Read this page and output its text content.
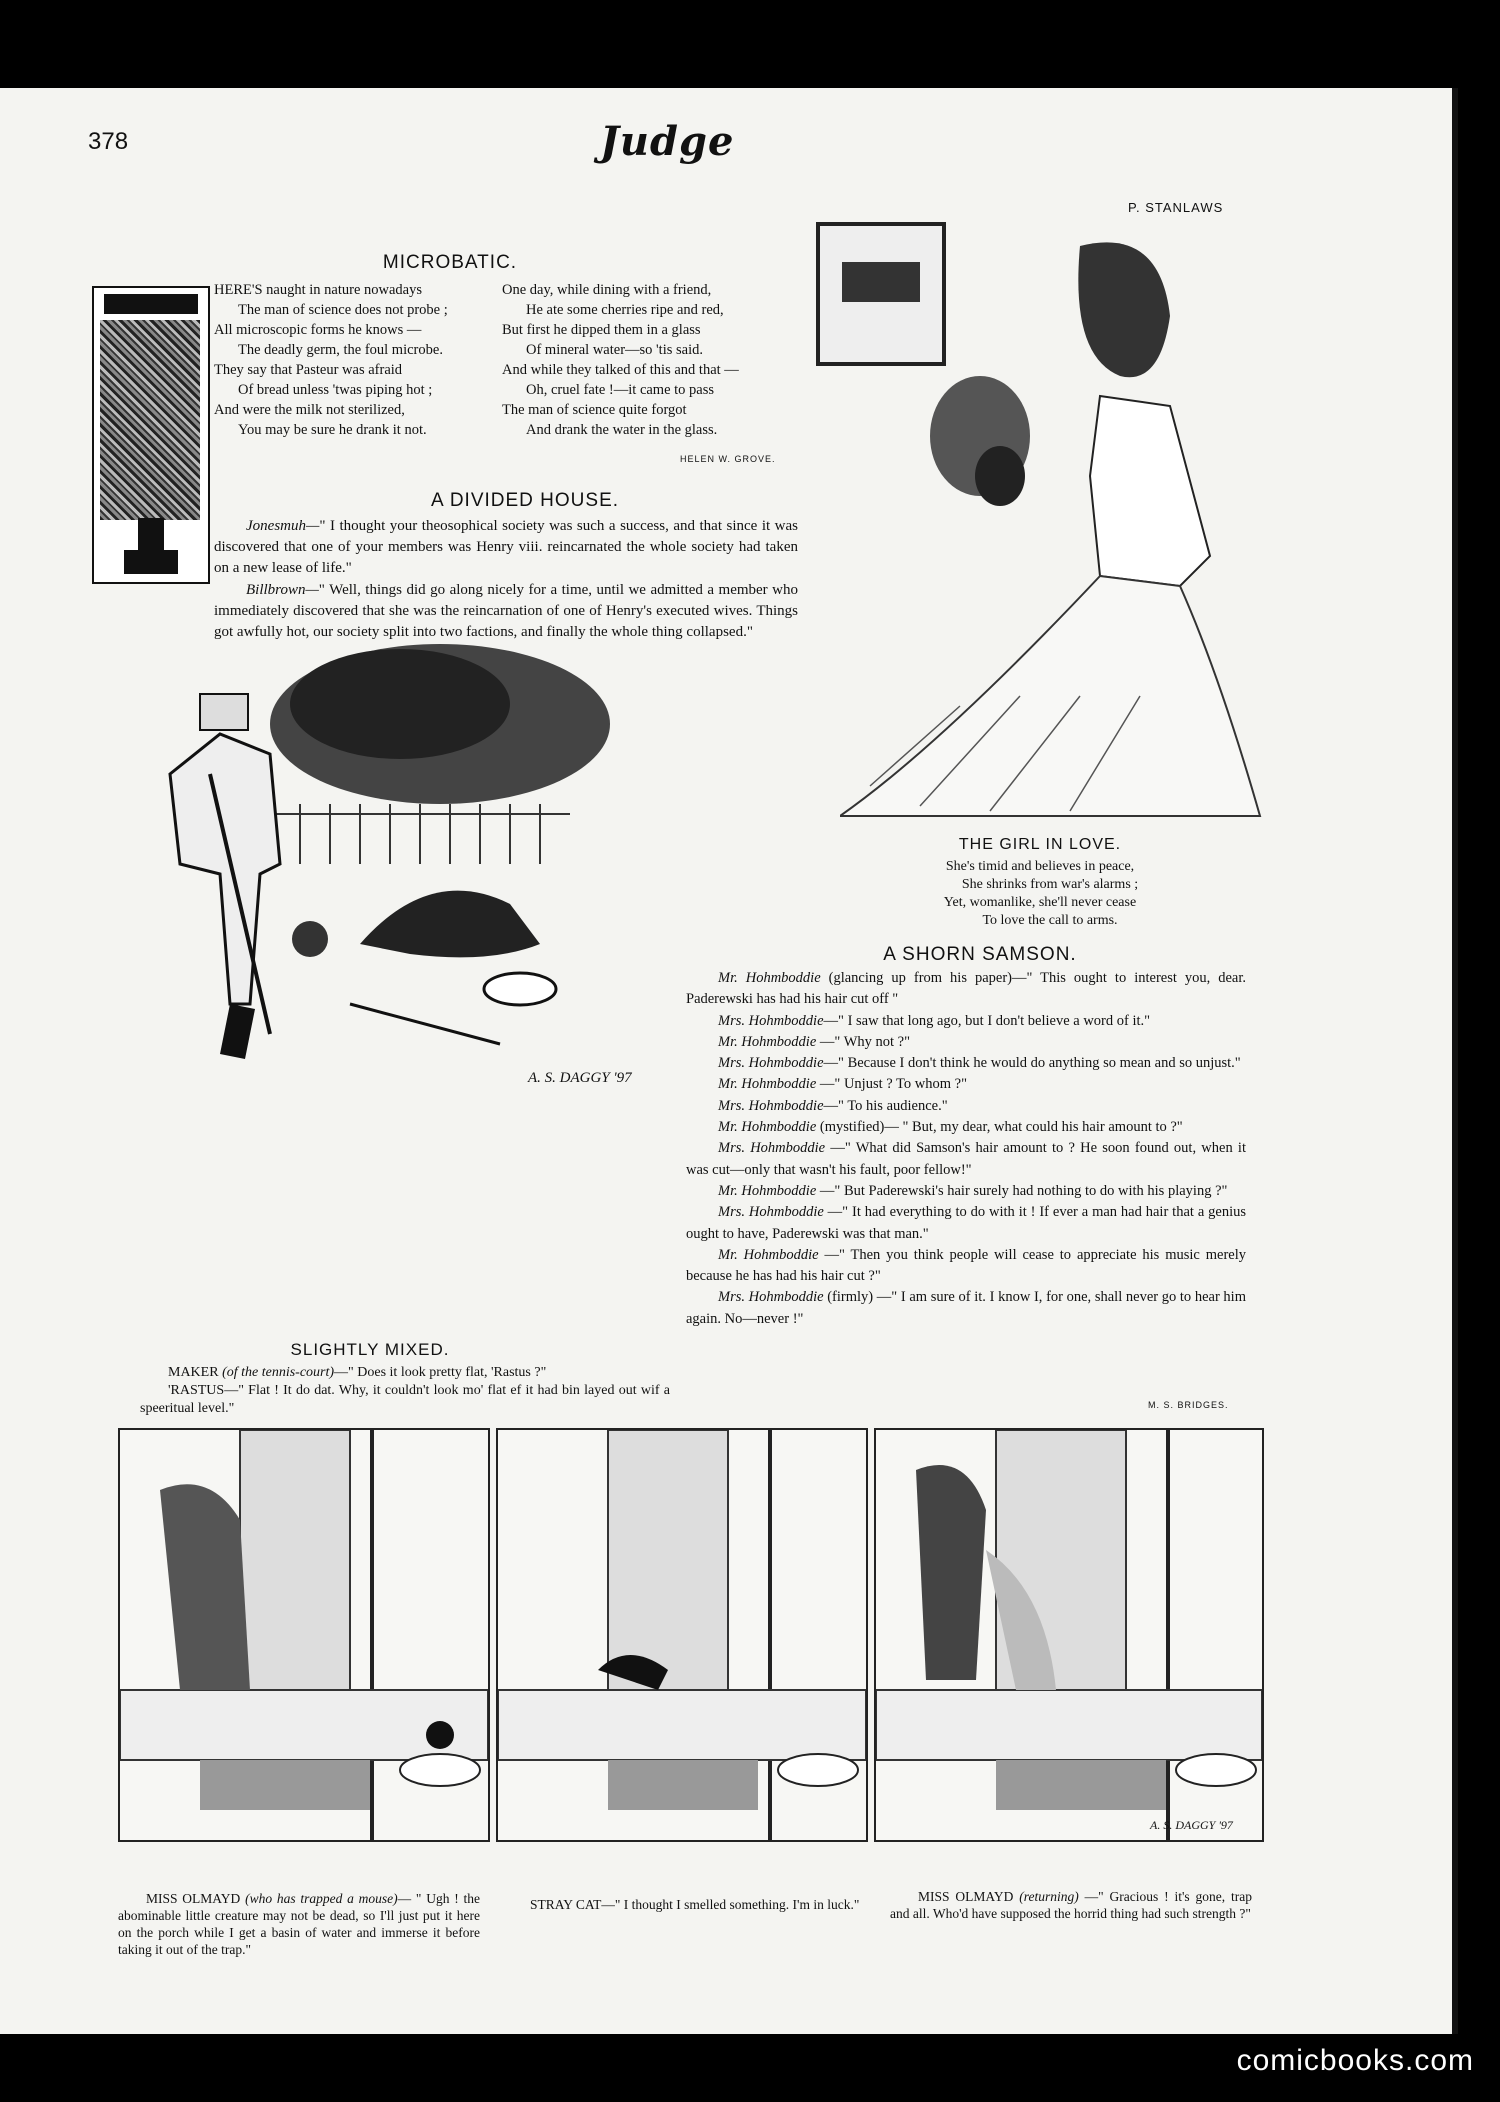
378	Judge
P. STANLAWS
MICROBATIC.
HERE'S naught in nature nowadays
The man of science does not probe ;
All microscopic forms he knows —
The deadly germ, the foul microbe.
They say that Pasteur was afraid
Of bread unless 'twas piping hot ;
And were the milk not sterilized,
You may be sure he drank it not.
One day, while dining with a friend,
He ate some cherries ripe and red,
But first he dipped them in a glass
Of mineral water—so 'tis said.
And while they talked of this and that —
Oh, cruel fate !—it came to pass
The man of science quite forgot
And drank the water in the glass.
HELEN W. GROVE.
A DIVIDED HOUSE.

Jonesmuh—" I thought your theosophical society was such a success, and that since it was discovered that one of your members was Henry viii. reincarnated the whole society had taken on a new lease of life."

Billbrown—" Well, things did go along nicely for a time, until we admitted a member who immediately discovered that she was the reincarnation of one of Henry's executed wives. Things got awfully hot, our society split into two factions, and finally the whole thing collapsed."

A. S. DAGGY '97
SLIGHTLY MIXED.

MAKER (of the tennis-court)—" Does it look pretty flat, 'Rastus ?"

'RASTUS—" Flat ! It do dat. Why, it couldn't look mo' flat ef it had bin layed out wif a speeritual level."

THE GIRL IN LOVE.
She's timid and believes in peace,
She shrinks from war's alarms ;
Yet, womanlike, she'll never cease
To love the call to arms.
A SHORN SAMSON.

Mr. Hohmboddie (glancing up from his paper)—" This ought to interest you, dear. Paderewski has had his hair cut off "

Mrs. Hohmboddie—" I saw that long ago, but I don't believe a word of it."

Mr. Hohmboddie —" Why not ?"

Mrs. Hohmboddie—" Because I don't think he would do anything so mean and so unjust."

Mr. Hohmboddie —" Unjust ? To whom ?"

Mrs. Hohmboddie—" To his audience."

Mr. Hohmboddie (mystified)— " But, my dear, what could his hair amount to ?"

Mrs. Hohmboddie —" What did Samson's hair amount to ? He soon found out, when it was cut—only that wasn't his fault, poor fellow!"

Mr. Hohmboddie —" But Paderewski's hair surely had nothing to do with his playing ?"

Mrs. Hohmboddie —" It had everything to do with it ! If ever a man had hair that a genius ought to have, Paderewski was that man."

Mr. Hohmboddie —" Then you think people will cease to appreciate his music merely because he has had his hair cut ?"

Mrs. Hohmboddie (firmly) —" I am sure of it. I know I, for one, shall never go to hear him again. No—never !"

M. S. BRIDGES.
A. S. DAGGY '97

MISS OLMAYD (who has trapped a mouse)— " Ugh ! the abominable little creature may not be dead, so I'll just put it here on the porch while I get a basin of water and immerse it before taking it out of the trap."

STRAY CAT—" I thought I smelled something. I'm in luck."

MISS OLMAYD (returning) —" Gracious ! it's gone, trap and all. Who'd have supposed the horrid thing had such strength ?"

comicbooks.com
